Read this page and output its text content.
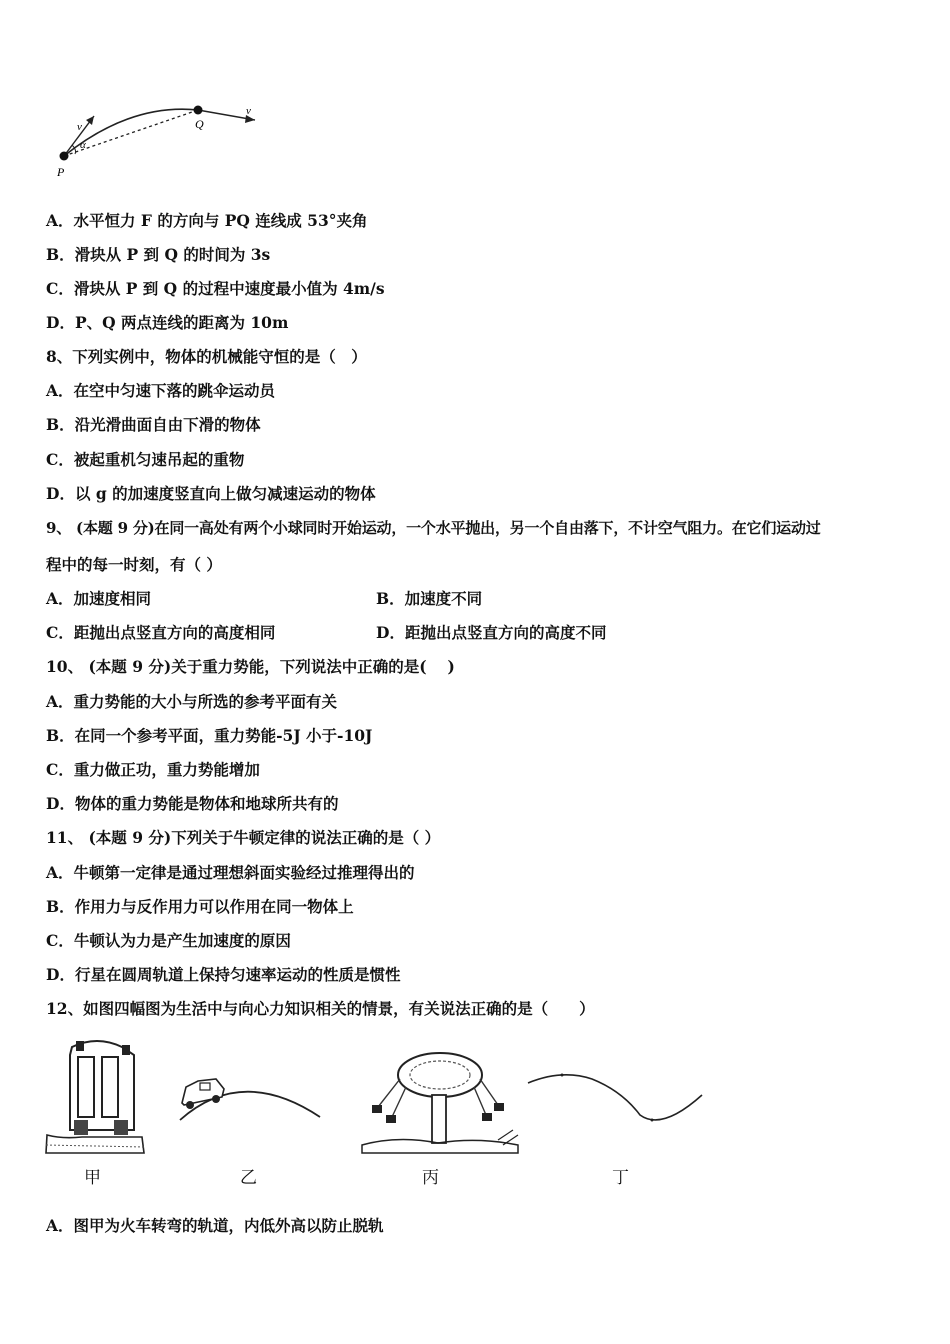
v
α
Q
v
P
A．水平恒力 F 的方向与 PQ 连线成 53°夹角
B．滑块从 P 到 Q 的时间为 3s
C．滑块从 P 到 Q 的过程中速度最小值为 4m/s
D．P、Q 两点连线的距离为 10m
8、下列实例中，物体的机械能守恒的是（　）
A．在空中匀速下落的跳伞运动员
B．沿光滑曲面自由下滑的物体
C．被起重机匀速吊起的重物
D．以 g 的加速度竖直向上做匀减速运动的物体
9、 (本题 9 分)在同一高处有两个小球同时开始运动，一个水平抛出，另一个自由落下，不计空气阻力。在它们运动过
程中的每一时刻，有（ ）
A．加速度相同	B．加速度不同
C．距抛出点竖直方向的高度相同	D．距抛出点竖直方向的高度不同
10、 (本题 9 分)关于重力势能，下列说法中正确的是(　 )
A．重力势能的大小与所选的参考平面有关
B．在同一个参考平面，重力势能-5J 小于-10J
C．重力做正功，重力势能增加
D．物体的重力势能是物体和地球所共有的
11、 (本题 9 分)下列关于牛顿定律的说法正确的是（ ）
A．牛顿第一定律是通过理想斜面实验经过推理得出的
B．作用力与反作用力可以作用在同一物体上
C．牛顿认为力是产生加速度的原因
D．行星在圆周轨道上保持匀速率运动的性质是惯性
12、如图四幅图为生活中与向心力知识相关的情景，有关说法正确的是（　　）
甲	乙	丙	丁
A．图甲为火车转弯的轨道，内低外高以防止脱轨
